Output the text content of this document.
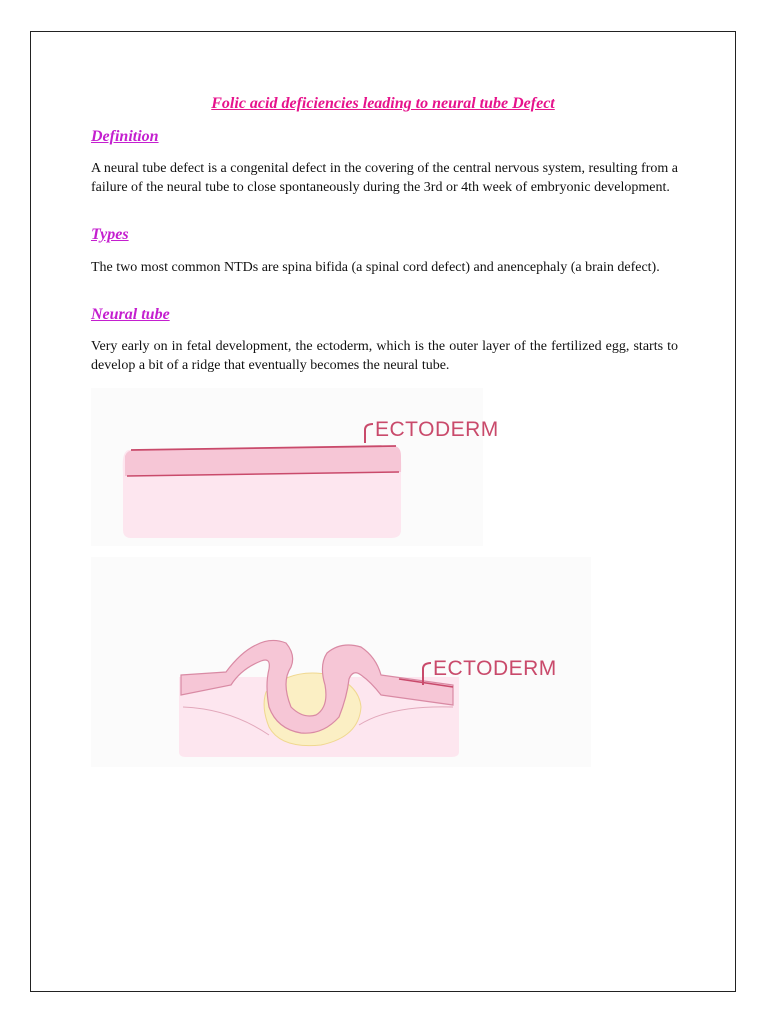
Folic acid deficiencies leading to neural tube Defect
Definition

A neural tube defect is a congenital defect in the covering of the central nervous system, resulting from a failure of the neural tube to close spontaneously during the 3rd or 4th week of embryonic development.

Types

The two most common NTDs are spina bifida (a spinal cord defect) and anencephaly (a brain defect).

Neural tube

Very early on in fetal development, the ectoderm, which is the outer layer of the fertilized egg, starts to develop a bit of a ridge that eventually becomes the neural tube.

ECTODERM
ECTODERM
